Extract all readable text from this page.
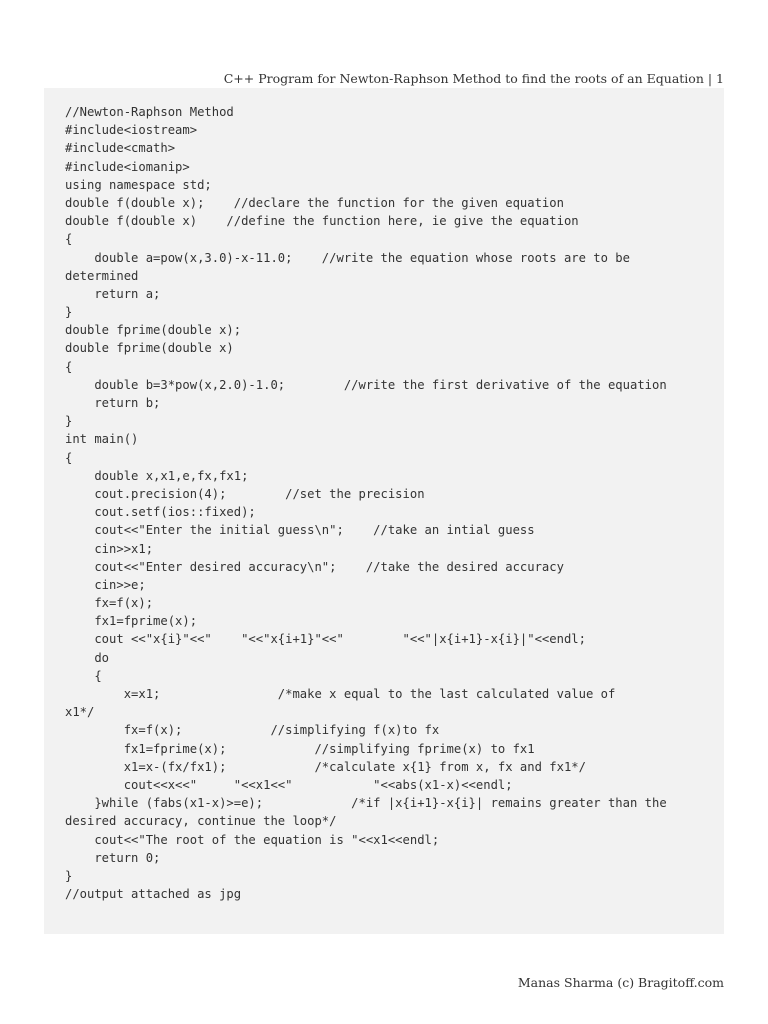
C++ Program for Newton-Raphson Method to find the roots of an Equation | 1
//Newton-Raphson Method
#include<iostream>
#include<cmath>
#include<iomanip>
using namespace std;
double f(double x);    //declare the function for the given equation
double f(double x)    //define the function here, ie give the equation
{
double a=pow(x,3.0)-x-11.0;    //write the equation whose roots are to be
determined
return a;
}
double fprime(double x);
double fprime(double x)
{
double b=3*pow(x,2.0)-1.0;        //write the first derivative of the equation
return b;
}
int main()
{
double x,x1,e,fx,fx1;
cout.precision(4);        //set the precision
cout.setf(ios::fixed);
cout<<"Enter the initial guess\n";    //take an intial guess
cin>>x1;
cout<<"Enter desired accuracy\n";    //take the desired accuracy
cin>>e;
fx=f(x);
fx1=fprime(x);
cout <<"x{i}"<<"    "<<"x{i+1}"<<"        "<<"|x{i+1}-x{i}|"<<endl;
do
{
x=x1;                /*make x equal to the last calculated value of
x1*/
fx=f(x);            //simplifying f(x)to fx
fx1=fprime(x);            //simplifying fprime(x) to fx1
x1=x-(fx/fx1);            /*calculate x{1} from x, fx and fx1*/
cout<<x<<"     "<<x1<<"           "<<abs(x1-x)<<endl;
}while (fabs(x1-x)>=e);            /*if |x{i+1}-x{i}| remains greater than the
desired accuracy, continue the loop*/
cout<<"The root of the equation is "<<x1<<endl;
return 0;
}
//output attached as jpg
Manas Sharma (c) Bragitoff.com
